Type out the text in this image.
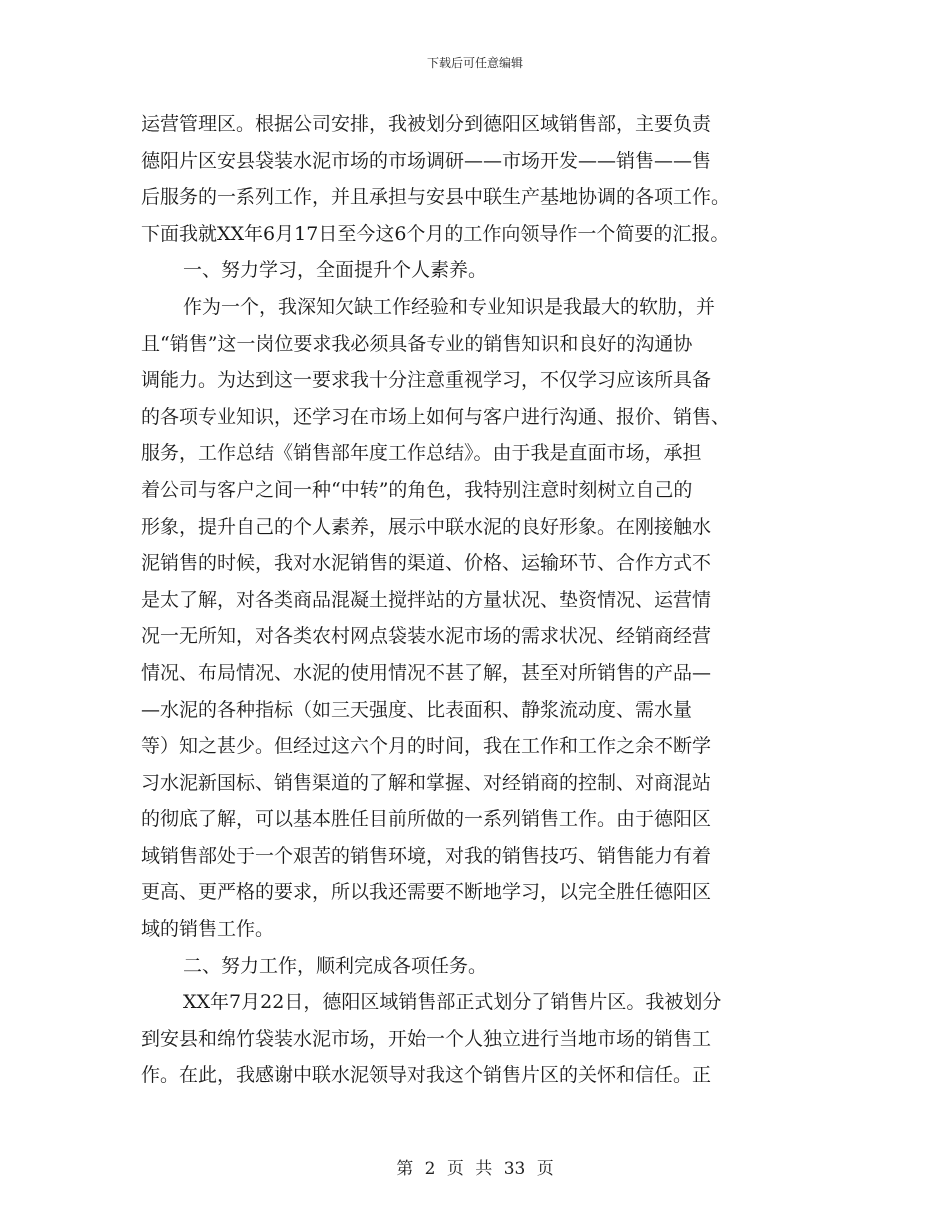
下载后可任意编辑
运营管理区。根据公司安排，我被划分到德阳区域销售部，主要负责
德阳片区安县袋装水泥市场的市场调研——市场开发——销售——售
后服务的一系列工作，并且承担与安县中联生产基地协调的各项工作。
下面我就XX年6月17日至今这6个月的工作向领导作一个简要的汇报。
一、努力学习，全面提升个人素养。
作为一个，我深知欠缺工作经验和专业知识是我最大的软肋，并
且“销售”这一岗位要求我必须具备专业的销售知识和良好的沟通协
调能力。为达到这一要求我十分注意重视学习，不仅学习应该所具备
的各项专业知识，还学习在市场上如何与客户进行沟通、报价、销售、
服务，工作总结《销售部年度工作总结》。由于我是直面市场，承担
着公司与客户之间一种“中转”的角色，我特别注意时刻树立自己的
形象，提升自己的个人素养，展示中联水泥的良好形象。在刚接触水
泥销售的时候，我对水泥销售的渠道、价格、运输环节、合作方式不
是太了解，对各类商品混凝土搅拌站的方量状况、垫资情况、运营情
况一无所知，对各类农村网点袋装水泥市场的需求状况、经销商经营
情况、布局情况、水泥的使用情况不甚了解，甚至对所销售的产品—
—水泥的各种指标（如三天强度、比表面积、静浆流动度、需水量
等）知之甚少。但经过这六个月的时间，我在工作和工作之余不断学
习水泥新国标、销售渠道的了解和掌握、对经销商的控制、对商混站
的彻底了解，可以基本胜任目前所做的一系列销售工作。由于德阳区
域销售部处于一个艰苦的销售环境，对我的销售技巧、销售能力有着
更高、更严格的要求，所以我还需要不断地学习，以完全胜任德阳区
域的销售工作。
二、努力工作，顺利完成各项任务。
XX年7月22日，德阳区域销售部正式划分了销售片区。我被划分
到安县和绵竹袋装水泥市场，开始一个人独立进行当地市场的销售工
作。在此，我感谢中联水泥领导对我这个销售片区的关怀和信任。正
第 2 页 共 33 页
